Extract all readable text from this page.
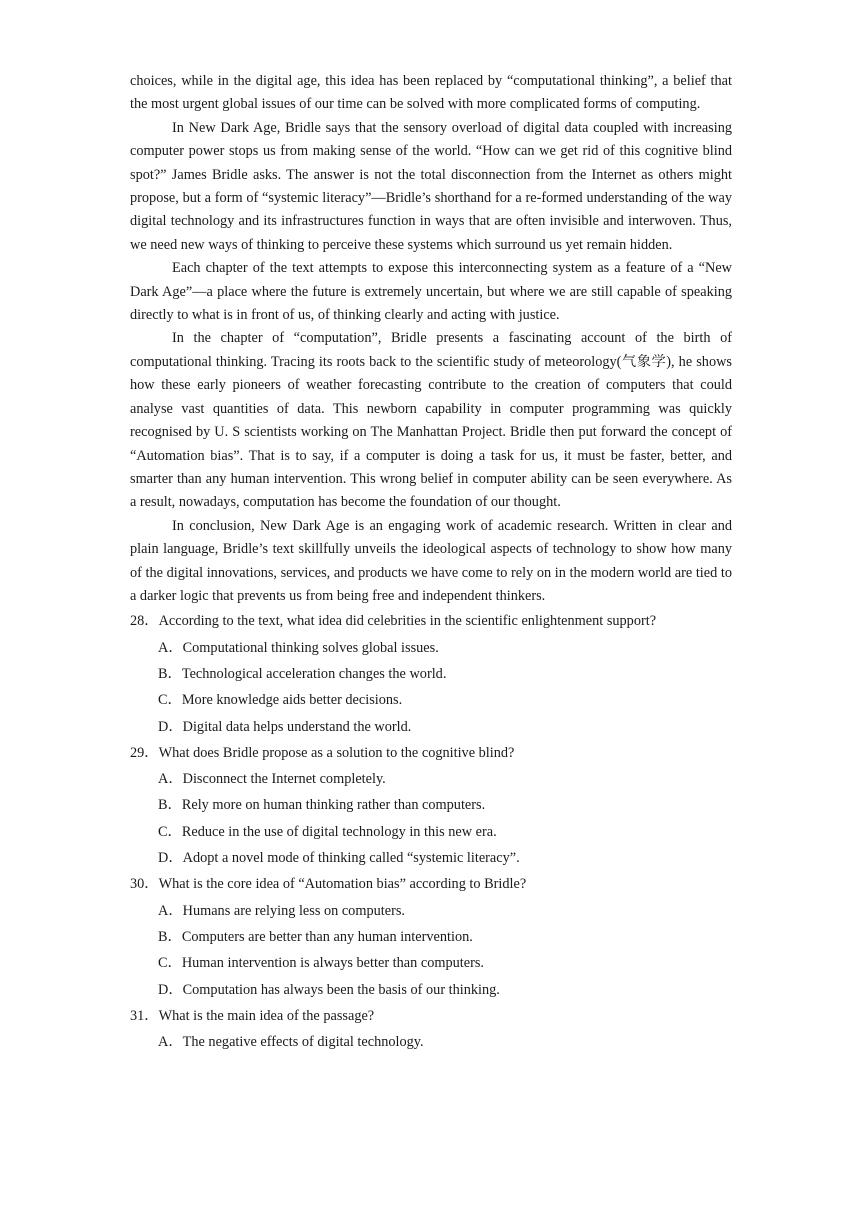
choices, while in the digital age, this idea has been replaced by “computational thinking”, a belief that the most urgent global issues of our time can be solved with more complicated forms of computing.

In New Dark Age, Bridle says that the sensory overload of digital data coupled with increasing computer power stops us from making sense of the world. “How can we get rid of this cognitive blind spot?” James Bridle asks. The answer is not the total disconnection from the Internet as others might propose, but a form of “systemic literacy”—Bridle’s shorthand for a re-formed understanding of the way digital technology and its infrastructures function in ways that are often invisible and interwoven. Thus, we need new ways of thinking to perceive these systems which surround us yet remain hidden.

Each chapter of the text attempts to expose this interconnecting system as a feature of a “New Dark Age”—a place where the future is extremely uncertain, but where we are still capable of speaking directly to what is in front of us, of thinking clearly and acting with justice.

In the chapter of “computation”, Bridle presents a fascinating account of the birth of computational thinking. Tracing its roots back to the scientific study of meteorology(气象学), he shows how these early pioneers of weather forecasting contribute to the creation of computers that could analyse vast quantities of data. This newborn capability in computer programming was quickly recognised by U. S scientists working on The Manhattan Project. Bridle then put forward the concept of “Automation bias”. That is to say, if a computer is doing a task for us, it must be faster, better, and smarter than any human intervention. This wrong belief in computer ability can be seen everywhere. As a result, nowadays, computation has become the foundation of our thought.

In conclusion, New Dark Age is an engaging work of academic research. Written in clear and plain language, Bridle’s text skillfully unveils the ideological aspects of technology to show how many of the digital innovations, services, and products we have come to rely on in the modern world are tied to a darker logic that prevents us from being free and independent thinkers.

28．According to the text, what idea did celebrities in the scientific enlightenment support?

A．Computational thinking solves global issues.
B．Technological acceleration changes the world.
C．More knowledge aids better decisions.
D．Digital data helps understand the world.

29．What does Bridle propose as a solution to the cognitive blind?

A．Disconnect the Internet completely.
B．Rely more on human thinking rather than computers.
C．Reduce in the use of digital technology in this new era.
D．Adopt a novel mode of thinking called “systemic literacy”.

30．What is the core idea of “Automation bias” according to Bridle?

A．Humans are relying less on computers.
B．Computers are better than any human intervention.
C．Human intervention is always better than computers.
D．Computation has always been the basis of our thinking.

31．What is the main idea of the passage?

A．The negative effects of digital technology.
